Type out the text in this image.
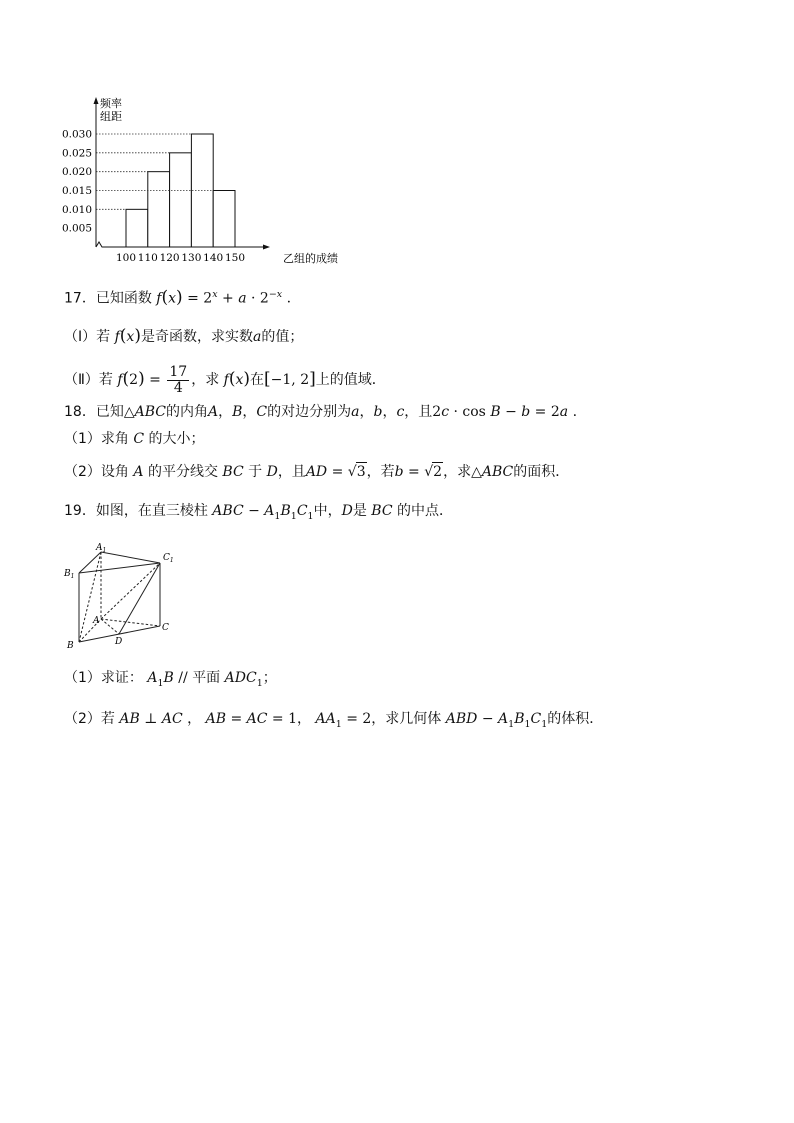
频率
组距
乙组的成绩
0.005
0.010
0.015
0.020
0.025
0.030
100 110 120 130 140 150
17．已知函数 $f(x) = 2^x + a \cdot 2^{-x}$ .
（Ⅰ）若 f(x)是奇函数，求实数a的值；
（Ⅱ）若 $f(2) = \frac{17}{4}$ ，求 f(x)在[−1, 2]上的值域．
18．已知△ABC的内角A，B，C的对边分别为a，b，c，且2c · cos B − b = 2a .
（1）求角 C 的大小；
（2）设角 A 的平分线交 BC 于 D，且AD = √3，若b = √2，求△ABC的面积．
19．如图，在直三棱柱 ABC − $A_1B_1C_1$中，D是 BC 的中点．
$A_1$
$B_1$
$C_1$
A
B
C
D
（1）求证： $A_1B$ // 平面 $ADC_1$；
（2）若 AB ⊥ AC ， AB = AC = 1， $AA_1 = 2$，求几何体 ABD − $A_1B_1C_1$的体积．
